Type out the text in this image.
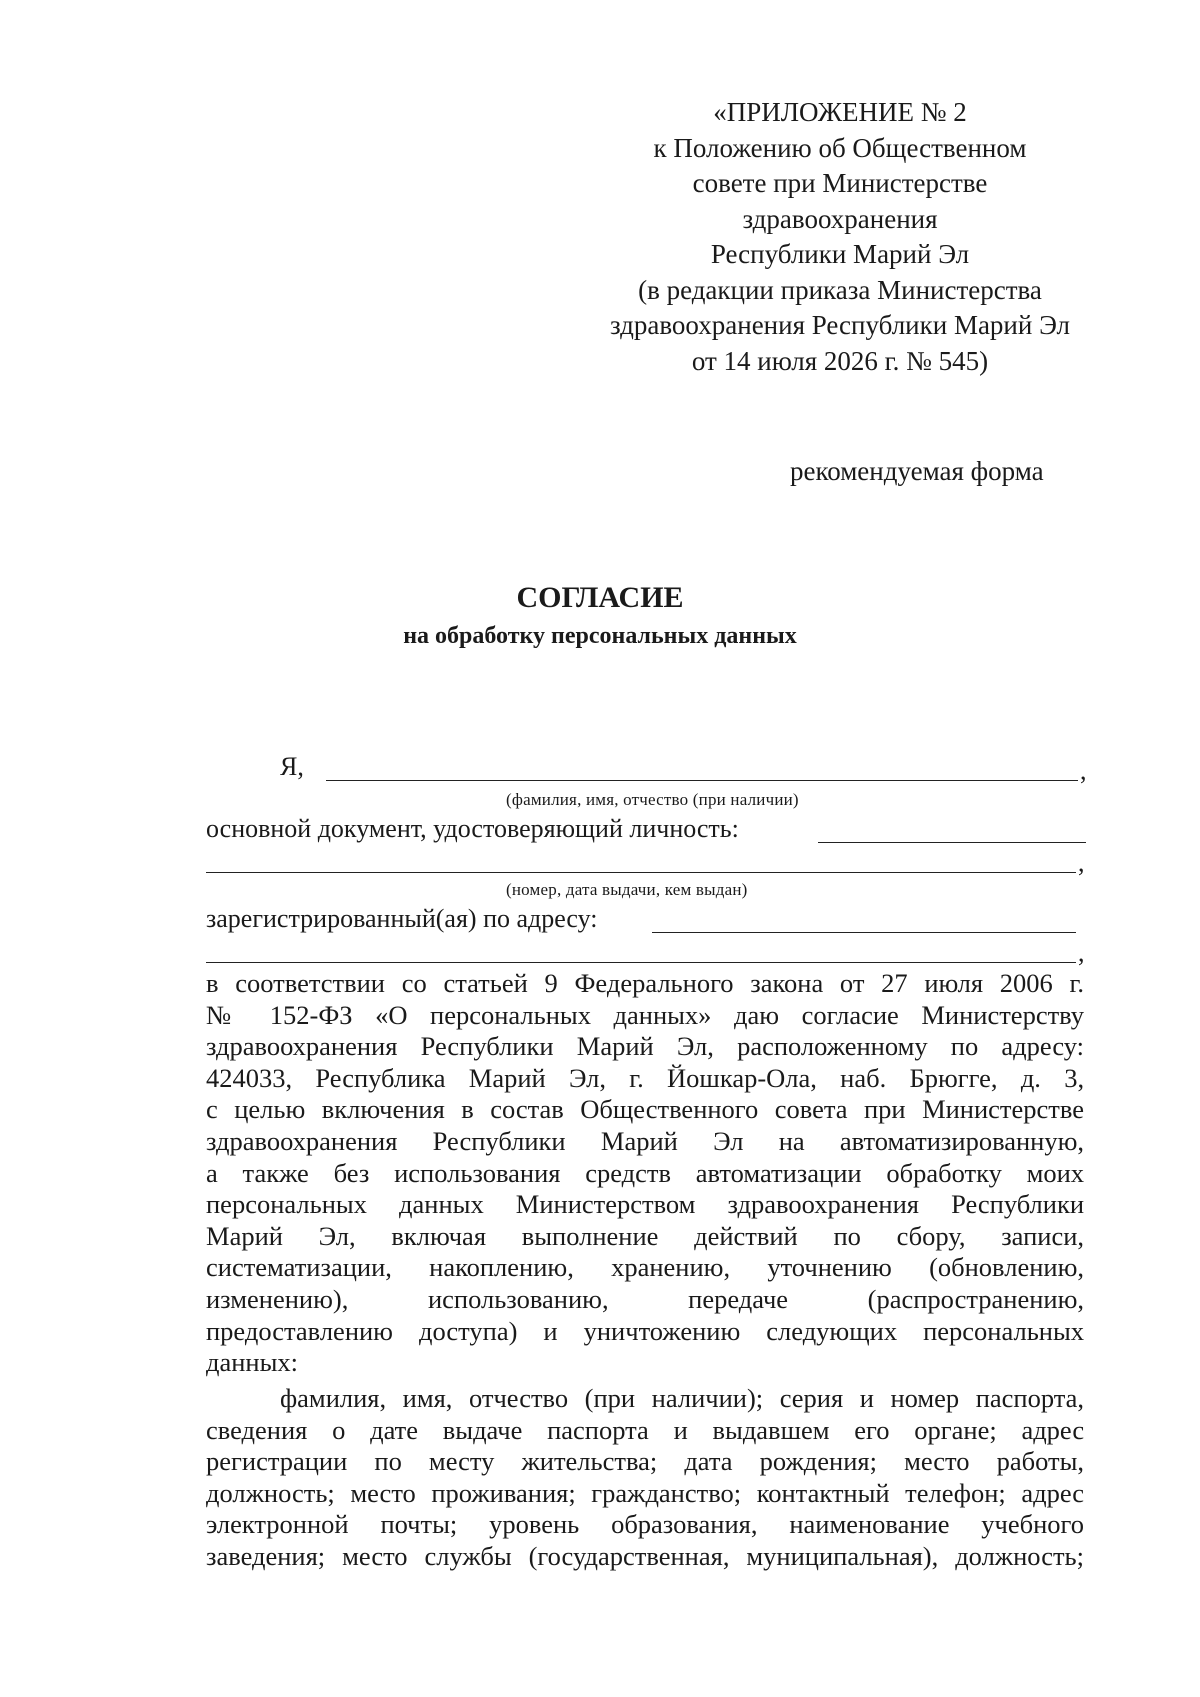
«ПРИЛОЖЕНИЕ № 2
к Положению об Общественном
совете при Министерстве
здравоохранения
Республики Марий Эл
(в редакции приказа Министерства
здравоохранения Республики Марий Эл
от 14 июля 2026 г. № 545)
рекомендуемая форма
СОГЛАСИЕ
на обработку персональных данных
Я,	,
(фамилия, имя, отчество (при наличии)
основной документ, удостоверяющий личность:
,
(номер, дата выдачи, кем выдан)
зарегистрированный(ая) по адресу:
,
в соответствии со статьей 9 Федерального закона от 27 июля 2006 г.
№ 152-ФЗ «О персональных данных» даю согласие Министерству
здравоохранения Республики Марий Эл, расположенному по адресу:
424033, Республика Марий Эл, г. Йошкар-Ола, наб. Брюгге, д. 3,
с целью включения в состав Общественного совета при Министерстве
здравоохранения Республики Марий Эл на автоматизированную,
а также без использования средств автоматизации обработку моих
персональных данных Министерством здравоохранения Республики
Марий Эл, включая выполнение действий по сбору, записи,
систематизации, накоплению, хранению, уточнению (обновлению,
изменению),	использованию,	передаче	(распространению,
предоставлению доступа) и уничтожению следующих персональных
данных:
фамилия, имя, отчество (при наличии); серия и номер паспорта,
сведения о дате выдаче паспорта и выдавшем его органе; адрес
регистрации по месту жительства; дата рождения; место работы,
должность; место проживания; гражданство; контактный телефон; адрес
электронной почты; уровень образования, наименование учебного
заведения; место службы (государственная, муниципальная), должность;
